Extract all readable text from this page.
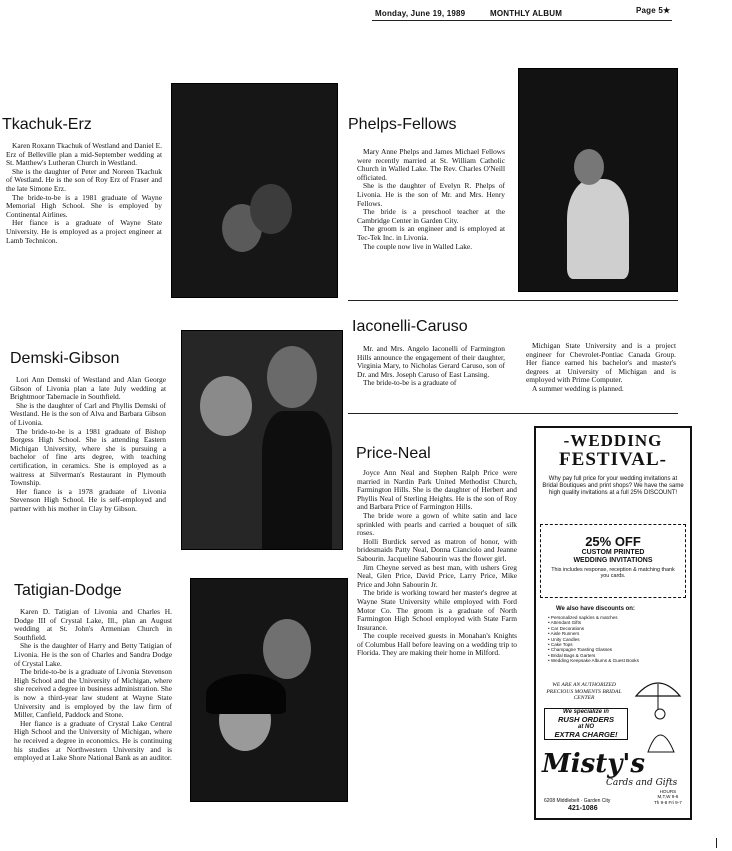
Monday, June 19, 1989	MONTHLY ALBUM	Page 5★
Tkachuk-Erz

Karen Roxann Tkachuk of Westland and Daniel E. Erz of Belleville plan a mid-September wedding at St. Matthew's Lutheran Church in Westland.

She is the daughter of Peter and Noreen Tkachuk of Westland. He is the son of Roy Erz of Fraser and the late Simone Erz.

The bride-to-be is a 1981 graduate of Wayne Memorial High School. She is employed by Continental Airlines.

Her fiance is a graduate of Wayne State University. He is employed as a project engineer at Lamb Technicon.

Phelps-Fellows

Mary Anne Phelps and James Michael Fellows were recently married at St. William Catholic Church in Walled Lake. The Rev. Charles O'Neill officiated.

She is the daughter of Evelyn R. Phelps of Livonia. He is the son of Mr. and Mrs. Henry Fellows.

The bride is a preschool teacher at the Cambridge Center in Garden City.

The groom is an engineer and is employed at Tec-Tek Inc. in Livonia.

The couple now live in Walled Lake.

Demski-Gibson

Lori Ann Demski of Westland and Alan George Gibson of Livonia plan a late July wedding at Brightmoor Tabernacle in Southfield.

She is the daughter of Carl and Phyllis Demski of Westland. He is the son of Alva and Barbara Gibson of Livonia.

The bride-to-be is a 1981 graduate of Bishop Borgess High School. She is attending Eastern Michigan University, where she is pursuing a bachelor of fine arts degree, with teaching certification, in ceramics. She is employed as a waitress at Silverman's Restaurant in Plymouth Township.

Her fiance is a 1978 graduate of Livonia Stevenson High School. He is self-employed and partner with his mother in Clay by Gibson.

Iaconelli-Caruso

Mr. and Mrs. Angelo Iaconelli of Farmington Hills announce the engagement of their daughter, Virginia Mary, to Nicholas Gerard Caruso, son of Dr. and Mrs. Joseph Caruso of East Lansing.

The bride-to-be is a graduate of

Michigan State University and is a project engineer for Chevrolet-Pontiac Canada Group. Her fiance earned his bachelor's and master's degrees at University of Michigan and is employed with Prime Computer.

A summer wedding is planned.

Price-Neal

Joyce Ann Neal and Stephen Ralph Price were married in Nardin Park United Methodist Church, Farmington Hills. She is the daughter of Herbert and Phyllis Neal of Sterling Heights. He is the son of Roy and Barbara Price of Farmington Hills.

The bride wore a gown of white satin and lace sprinkled with pearls and carried a bouquet of silk roses.

Holli Burdick served as matron of honor, with bridesmaids Patty Neal, Donna Cianciolo and Jeanne Sabourin. Jacqueline Sabourin was the flower girl.

Jim Cheyne served as best man, with ushers Greg Neal, Glen Price, David Price, Larry Price, Mike Price and John Sabourin Jr.

The bride is working toward her master's degree at Wayne State University while employed with Ford Motor Co. The groom is a graduate of North Farmington High School employed with State Farm Insurance.

The couple received guests in Monahan's Knights of Columbus Hall before leaving on a wedding trip to Florida. They are making their home in Milford.

Tatigian-Dodge

Karen D. Tatigian of Livonia and Charles H. Dodge III of Crystal Lake, Ill., plan an August wedding at St. John's Armenian Church in Southfield.

She is the daughter of Harry and Betty Tatigian of Livonia. He is the son of Charles and Sandra Dodge of Crystal Lake.

The bride-to-be is a graduate of Livonia Stevenson High School and the University of Michigan, where she received a degree in business administration. She is now a third-year law student at Wayne State University and is employed by the law firm of Miller, Canfield, Paddock and Stone.

Her fiance is a graduate of Crystal Lake Central High School and the University of Michigan, where he received a degree in economics. He is continuing his studies at Northwestern University and is employed at Lake Shore National Bank as an auditor.

-WEDDING
FESTIVAL-
Why pay full price for your wedding invitations at Bridal Boutiques and print shops? We have the same high quality invitations at a full 25% DISCOUNT!
25% OFF
CUSTOM PRINTED
WEDDING INVITATIONS
This includes response, reception & matching thank you cards.
We also have discounts on:
• Personalized napkins & matches
• Attendant Gifts
• Car Decorations
• Aisle Runners
• Unity Candles
• Cake Tops
• Champagne Toasting Glasses
• Bridal Bags & Garters
• Wedding Keepsake Albums & Guest Books
WE ARE AN AUTHORIZED PRECIOUS MOMENTS BRIDAL CENTER
We specialize in
RUSH ORDERS
at NO
EXTRA CHARGE!
Misty's
Cards and Gifts
HOURS
M,T,W 9-6
Th 9-8 Fri 9-7
6208 Middlebelt · Garden City
421-1086
